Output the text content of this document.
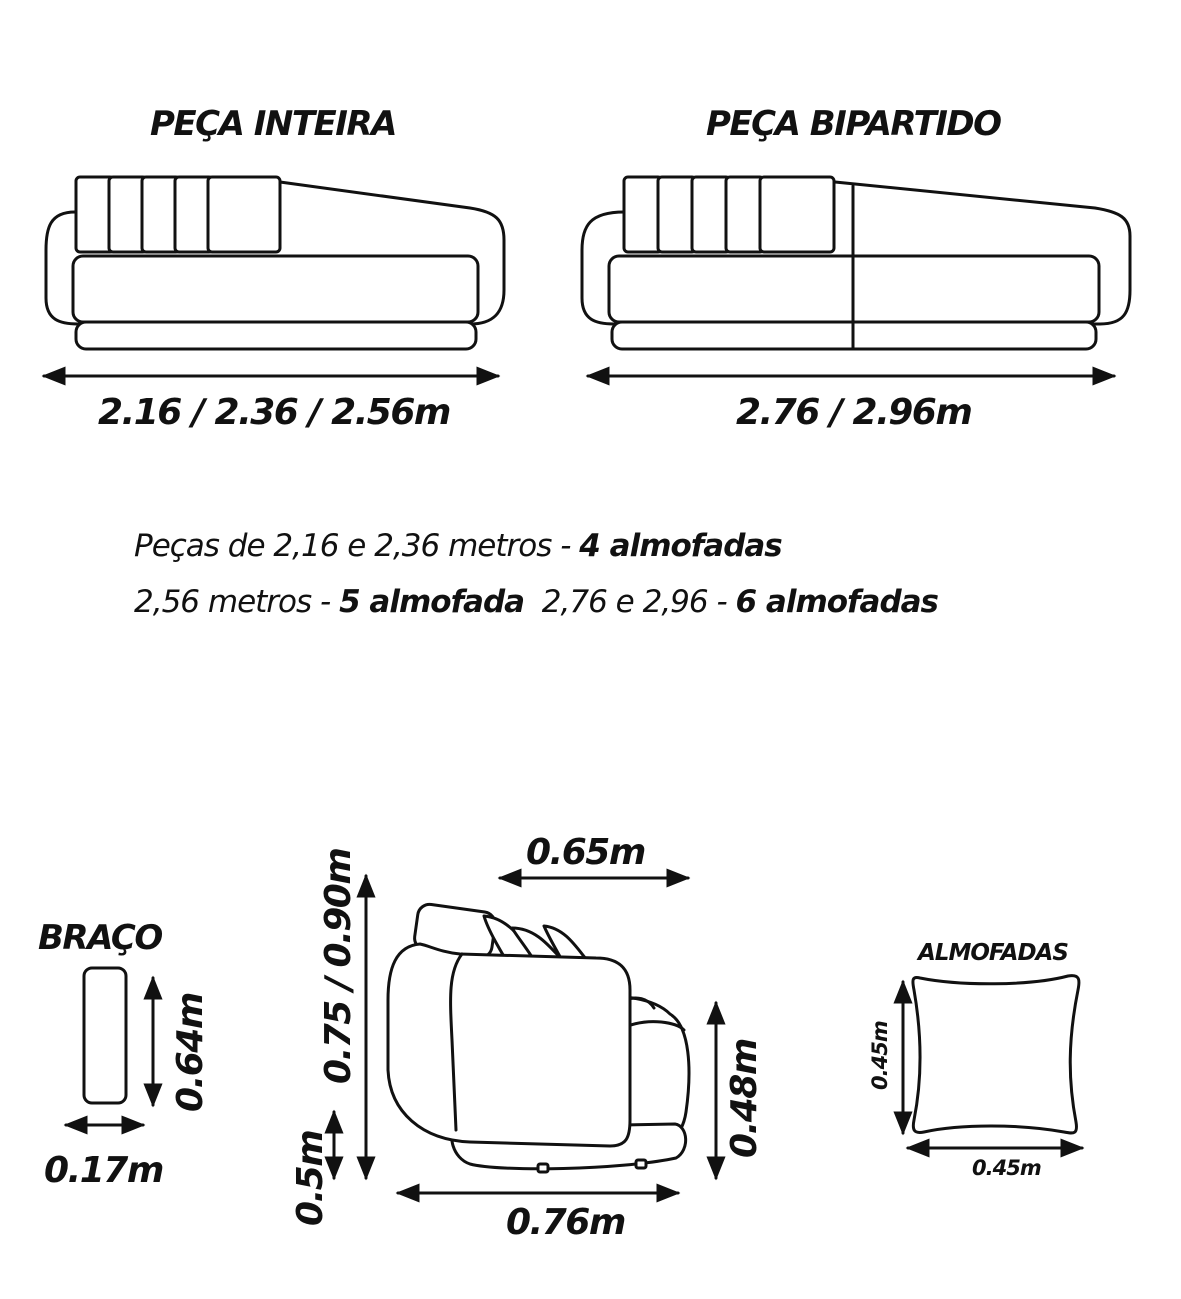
PEÇA INTEIRA	PEÇA BIPARTIDO
2.16 / 2.36 / 2.56m	2.76 / 2.96m
Peças de 2,16 e 2,36 metros - 4 almofadas
2,56 metros - 5 almofada  2,76 e 2,96 - 6 almofadas
BRAÇO
0.64m
0.17m
0.65m
0.75 / 0.90m
0.5m
0.48m
0.76m
ALMOFADAS
0.45m
0.45m
